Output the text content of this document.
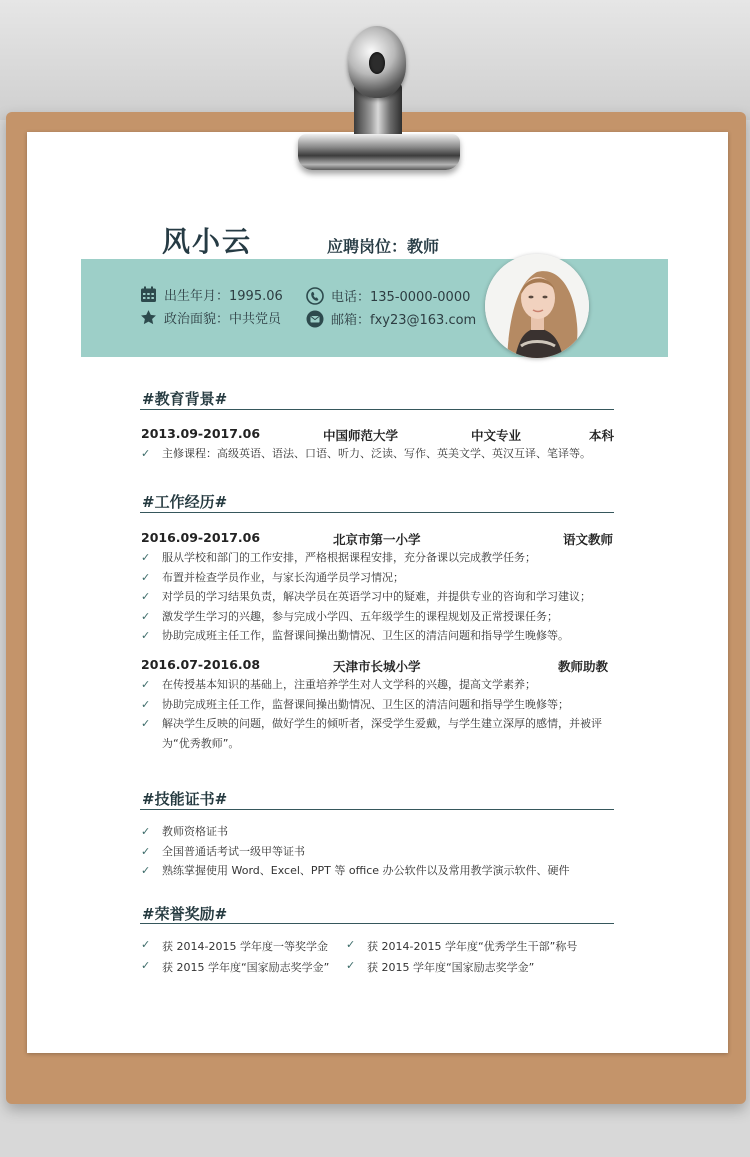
风小云	应聘岗位：教师
出生年月：1995.06
政治面貌：中共党员
电话：135-0000-0000
邮箱：fxy23@163.com
#教育背景#
2013.09-2017.06	中国师范大学	中文专业	本科
✓ 主修课程：高级英语、语法、口语、听力、泛读、写作、英美文学、英汉互译、笔译等。
#工作经历#
2016.09-2017.06	北京市第一小学	语文教师
✓ 服从学校和部门的工作安排，严格根据课程安排，充分备课以完成教学任务；
✓ 布置并检查学员作业，与家长沟通学员学习情况；
✓ 对学员的学习结果负责，解决学员在英语学习中的疑难，并提供专业的咨询和学习建议；
✓ 激发学生学习的兴趣，参与完成小学四、五年级学生的课程规划及正常授课任务；
✓ 协助完成班主任工作，监督课间操出勤情况、卫生区的清洁问题和指导学生晚修等。
2016.07-2016.08	天津市长城小学	教师助教
✓ 在传授基本知识的基础上，注重培养学生对人文学科的兴趣，提高文学素养；
✓ 协助完成班主任工作，监督课间操出勤情况、卫生区的清洁问题和指导学生晚修等；
✓ 解决学生反映的问题，做好学生的倾听者，深受学生爱戴，与学生建立深厚的感情，并被评为“优秀教师”。
#技能证书#
✓ 教师资格证书
✓ 全国普通话考试一级甲等证书
✓ 熟练掌握使用 Word、Excel、PPT 等 office 办公软件以及常用教学演示软件、硬件
#荣誉奖励#
✓ 获 2014-2015 学年度一等奖学金 ✓ 获 2014-2015 学年度“优秀学生干部”称号
✓ 获 2015 学年度“国家励志奖学金” ✓ 获 2015 学年度“国家励志奖学金”
